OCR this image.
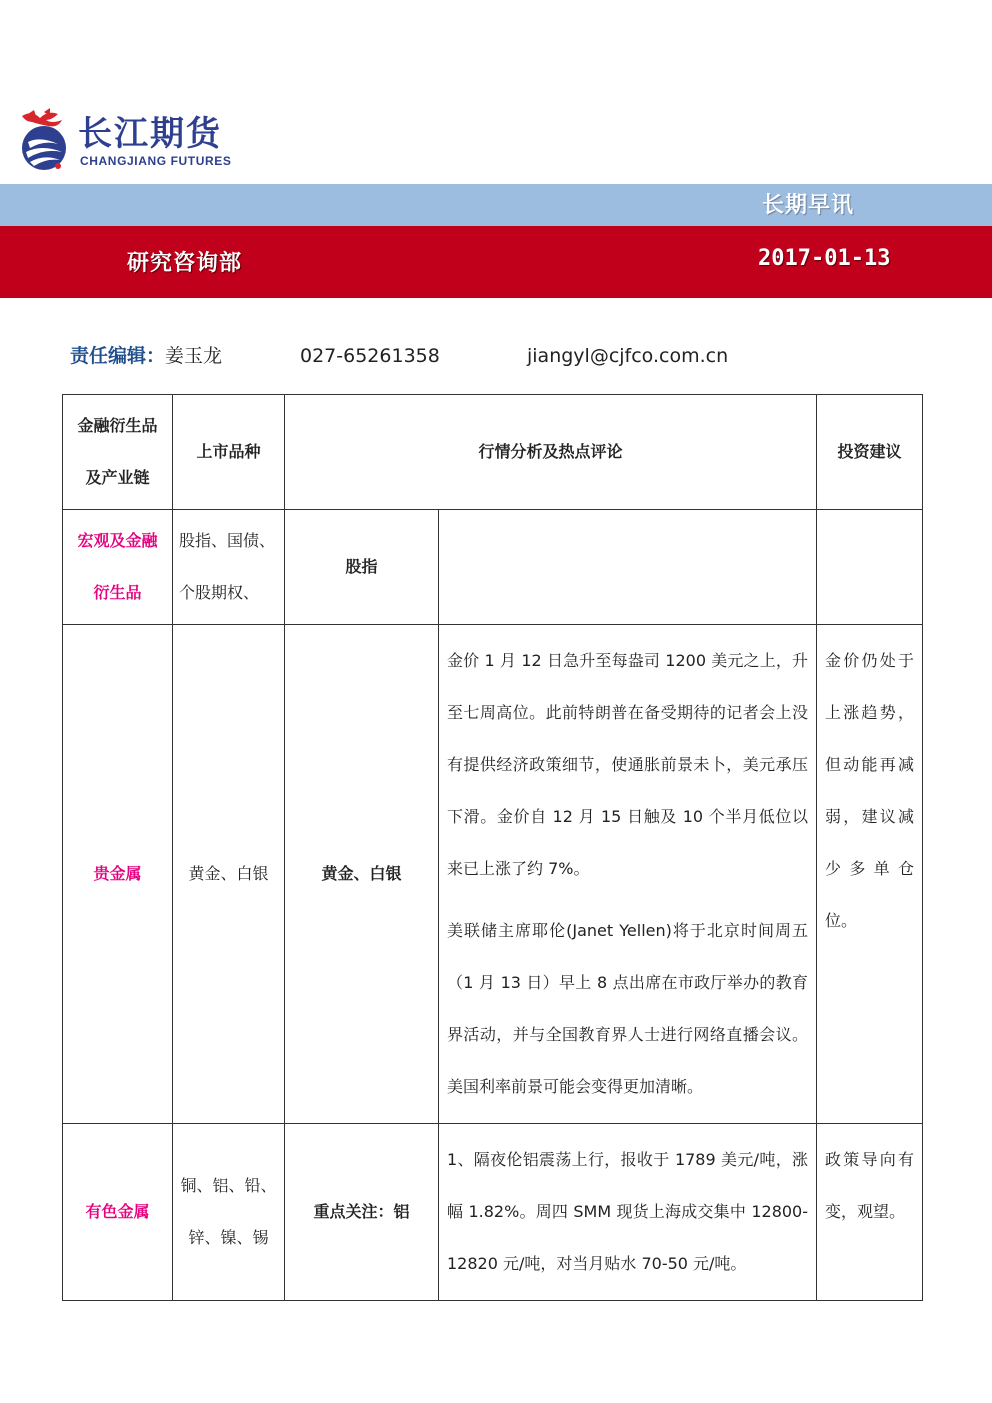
长江期货
CHANGJIANG FUTURES
长期早讯
研究咨询部	2017-01-13
责任编辑：姜玉龙	027-65261358	jiangyl@cjfco.com.cn
金融衍生品及产业链	上市品种	行情分析及热点评论		投资建议
宏观及金融衍生品	股指、国债、个股期权、	股指		
贵金属	黄金、白银	黄金、白银	金价 1 月 12 日急升至每盎司 1200 美元之上，升至七周高位。此前特朗普在备受期待的记者会上没有提供经济政策细节，使通胀前景未卜，美元承压下滑。金价自 12 月 15 日触及 10 个半月低位以来已上涨了约 7%。

美联储主席耶伦(Janet Yellen)将于北京时间周五（1 月 13 日）早上 8 点出席在市政厅举办的教育界活动，并与全国教育界人士进行网络直播会议。美国利率前景可能会变得更加清晰。	金价仍处于上涨趋势，但动能再减弱，建议减少多单仓位。
有色金属	铜、铝、铅、锌、镍、锡	重点关注：铝	1、隔夜伦铝震荡上行，报收于 1789 美元/吨，涨幅 1.82%。周四 SMM 现货上海成交集中 12800-12820 元/吨，对当月贴水 70-50 元/吨。	政策导向有变，观望。
